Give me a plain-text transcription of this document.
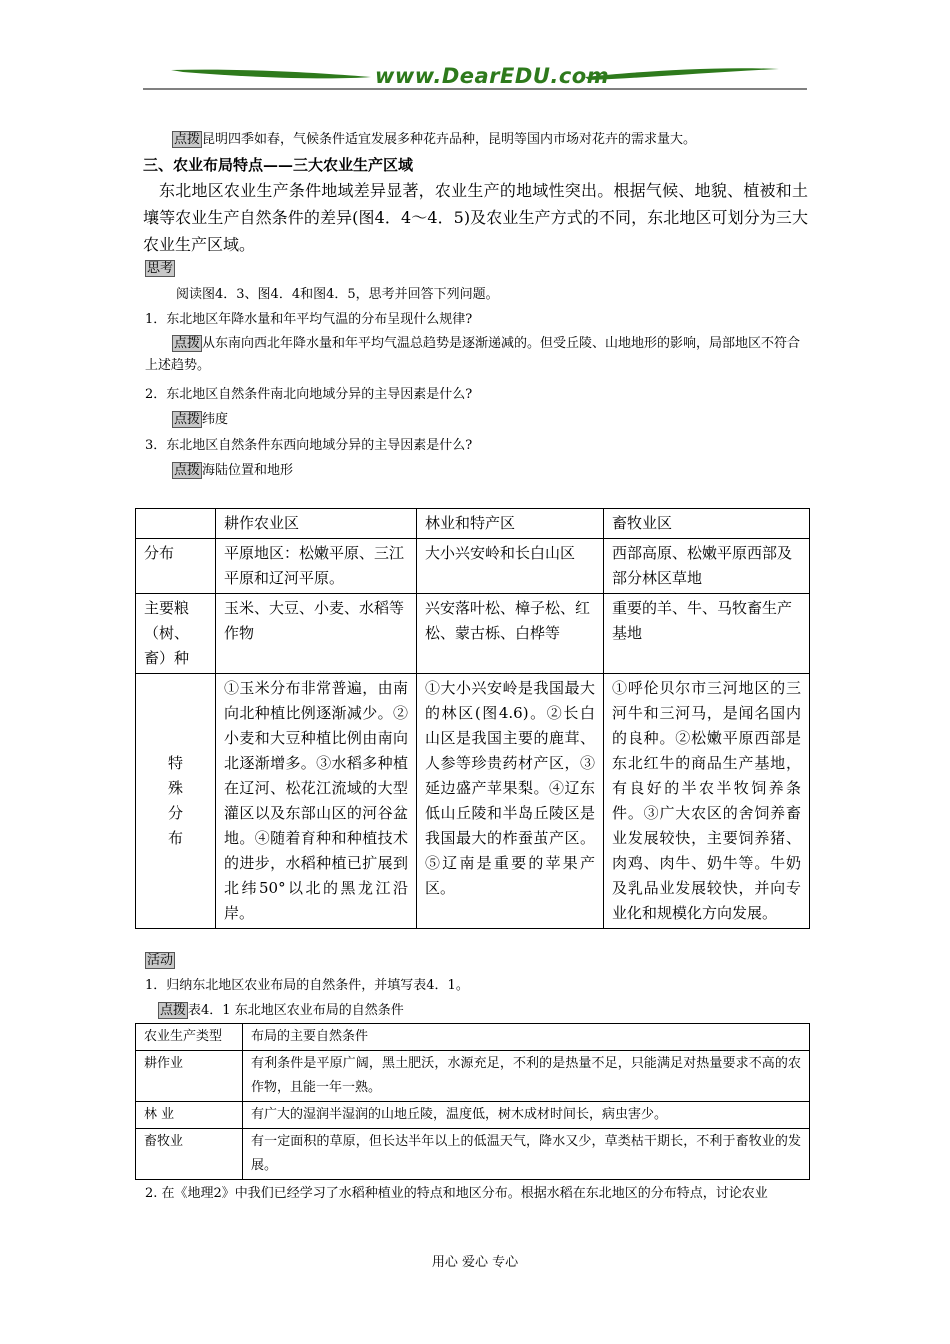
www.DearEDU.com
点拨 昆明四季如春，气候条件适宜发展多种花卉品种，昆明等国内市场对花卉的需求量大。
三、农业布局特点——三大农业生产区域
东北地区农业生产条件地域差异显著，农业生产的地域性突出。根据气候、地貌、植被和土壤等农业生产自然条件的差异(图4．4～4．5)及农业生产方式的不同，东北地区可划分为三大农业生产区域。
思考
阅读图4．3、图4．4和图4．5，思考并回答下列问题。
1．东北地区年降水量和年平均气温的分布呈现什么规律?
点拨 从东南向西北年降水量和年平均气温总趋势是逐渐递减的。但受丘陵、山地地形的影响，局部地区不符合上述趋势。
2．东北地区自然条件南北向地域分异的主导因素是什么?
点拨 纬度
3．东北地区自然条件东西向地域分异的主导因素是什么?
点拨 海陆位置和地形
	耕作农业区	林业和特产区	畜牧业区
分布	平原地区：松嫩平原、三江平原和辽河平原。	大小兴安岭和长白山区	西部高原、松嫩平原西部及部分林区草地
主要粮（树、畜）种	玉米、大豆、小麦、水稻等作物	兴安落叶松、樟子松、红松、蒙古栎、白桦等	重要的羊、牛、马牧畜生产基地
特
殊
分
布	①玉米分布非常普遍，由南向北种植比例逐渐减少。②小麦和大豆种植比例由南向北逐渐增多。③水稻多种植在辽河、松花江流域的大型灌区以及东部山区的河谷盆地。④随着育种和种植技术的进步，水稻种植已扩展到北纬50°以北的黑龙江沿岸。	①大小兴安岭是我国最大的林区(图4.6)。②长白山区是我国主要的鹿茸、人参等珍贵药材产区，③延边盛产苹果梨。④辽东低山丘陵和半岛丘陵区是我国最大的柞蚕茧产区。⑤辽南是重要的苹果产区。	①呼伦贝尔市三河地区的三河牛和三河马，是闻名国内的良种。②松嫩平原西部是东北红牛的商品生产基地，有良好的半农半牧饲养条件。③广大农区的舍饲养畜业发展较快，主要饲养猪、肉鸡、肉牛、奶牛等。牛奶及乳品业发展较快，并向专业化和规模化方向发展。
活动
1．归纳东北地区农业布局的自然条件，并填写表4．1。
点拨 表4．1 东北地区农业布局的自然条件
农业生产类型	布局的主要自然条件
耕作业	有利条件是平原广阔，黑土肥沃，水源充足，不利的是热量不足，只能满足对热量要求不高的农作物，且能一年一熟。
林 业	有广大的湿润半湿润的山地丘陵，温度低，树木成材时间长，病虫害少。
畜牧业	有一定面积的草原，但长达半年以上的低温天气，降水又少，草类枯干期长，不利于畜牧业的发展。
2. 在《地理2》中我们已经学习了水稻种植业的特点和地区分布。根据水稻在东北地区的分布特点，讨论农业
用心 爱心 专心
